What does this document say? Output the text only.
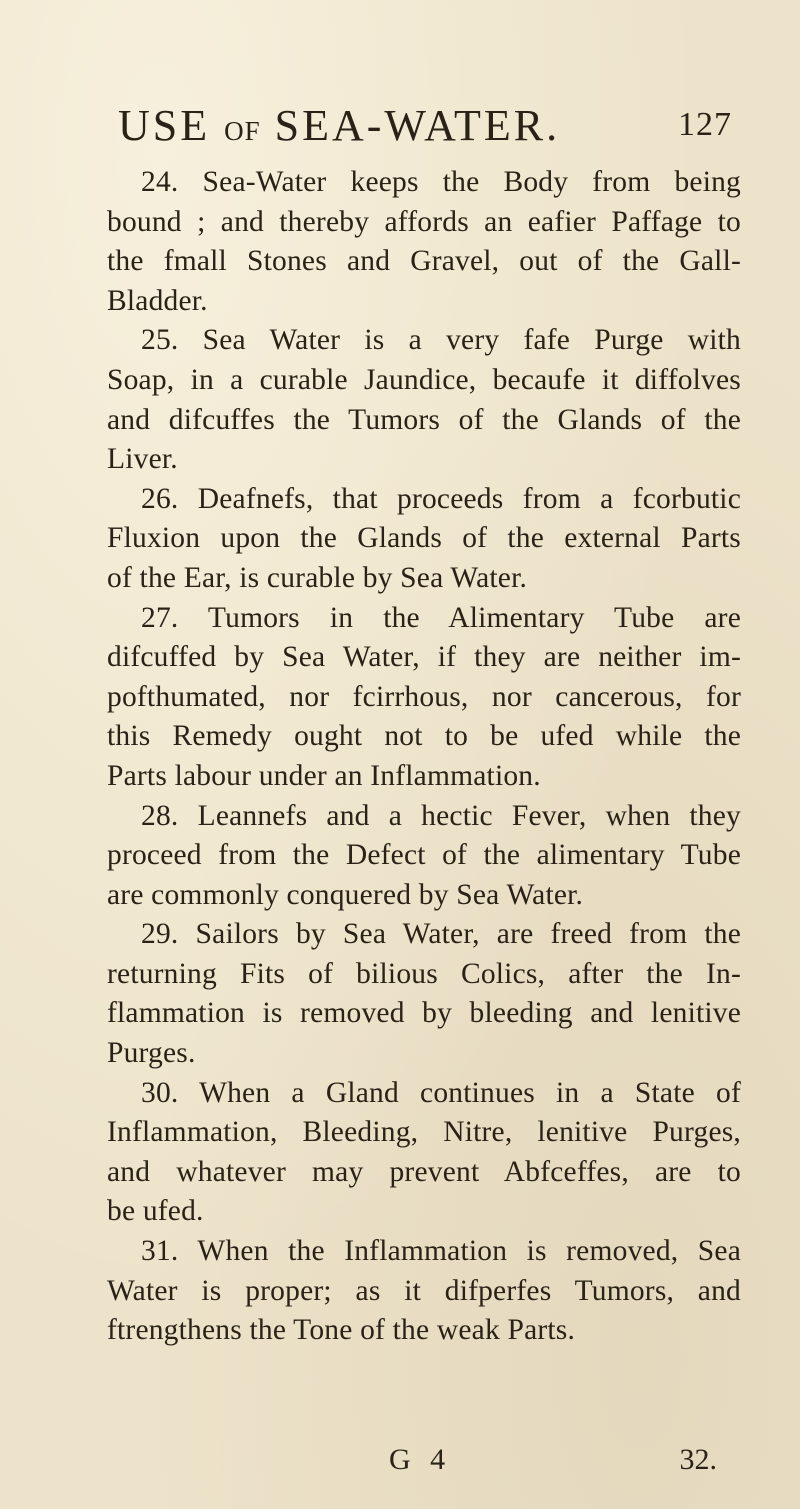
USE OF SEA-WATER.	127
24. Sea-Water keeps the Body from being
bound ; and thereby affords an eafier Paffage to
the fmall Stones and Gravel, out of the Gall-
Bladder.
25. Sea Water is a very fafe Purge with
Soap, in a curable Jaundice, becaufe it diffolves
and difcuffes the Tumors of the Glands of the
Liver.
26. Deafnefs, that proceeds from a fcorbutic
Fluxion upon the Glands of the external Parts
of the Ear, is curable by Sea Water.
27. Tumors in the Alimentary Tube are
difcuffed by Sea Water, if they are neither im-
pofthumated, nor fcirrhous, nor cancerous, for
this Remedy ought not to be ufed while the
Parts labour under an Inflammation.
28. Leannefs and a hectic Fever, when they
proceed from the Defect of the alimentary Tube
are commonly conquered by Sea Water.
29. Sailors by Sea Water, are freed from the
returning Fits of bilious Colics, after the In-
flammation is removed by bleeding and lenitive
Purges.
30. When a Gland continues in a State of
Inflammation, Bleeding, Nitre, lenitive Purges,
and whatever may prevent Abfceffes, are to
be ufed.
31. When the Inflammation is removed, Sea
Water is proper; as it difperfes Tumors, and
ftrengthens the Tone of the weak Parts.
G 4	32.
